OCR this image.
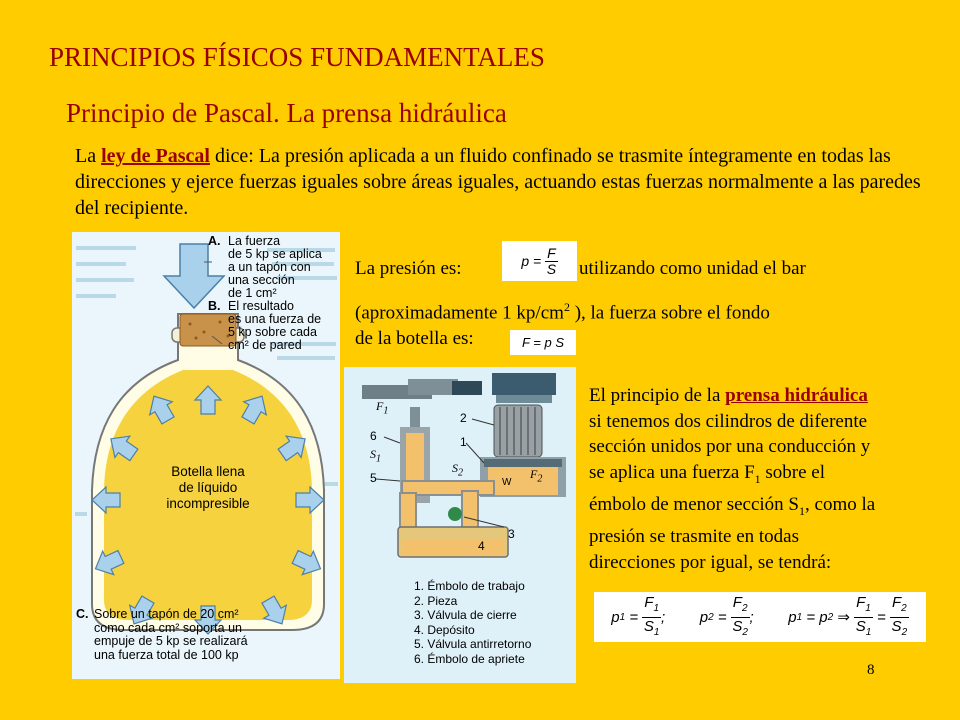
PRINCIPIOS FÍSICOS FUNDAMENTALES
Principio de Pascal. La prensa hidráulica
La ley de Pascal dice: La presión aplicada a un fluido confinado se trasmite íntegramente en todas las direcciones y ejerce fuerzas iguales sobre áreas iguales, actuando estas fuerzas normalmente a las paredes del recipiente.
A. La fuerza
de 5 kp se aplica
a un tapón con
una sección
de 1 cm²
B. El resultado
es una fuerza de
5 kp sobre cada
cm² de pared
Botella llena
de líquido
incompresible
C. Sobre un tapón de 20 cm²
como cada cm² soporta un
empuje de 5 kp se realizará
una fuerza total de 100 kp
La presión es:	$p = \frac{F}{S}$ utilizando como unidad el bar
(aproximadamente 1 $kp/cm^2$ ), la fuerza sobre el fondo
de la botella es:	F = p S
$F_1$
6
$S_1$
5
2
1
$S_2$	$F_2$
W
3
4
1. Émbolo de trabajo
2. Pieza
3. Válvula de cierre
4. Depósito
5. Válvula antirretorno
6. Émbolo de apriete
El principio de la prensa hidráulica
si tenemos dos cilindros de diferente
sección unidos por una conducción y
se aplica una fuerza $F_1$ sobre el
émbolo de menor sección $S_1$, como la
presión se trasmite en todas
direcciones por igual, se tendrá:
p $1 = \frac{F_1}{S_1}$ ; p $2 = \frac{F_2}{S_2}$ ; p 1 = p 2
⇒
$\frac{F_1}{S_1} = \frac{F_2}{S_2}$
8
